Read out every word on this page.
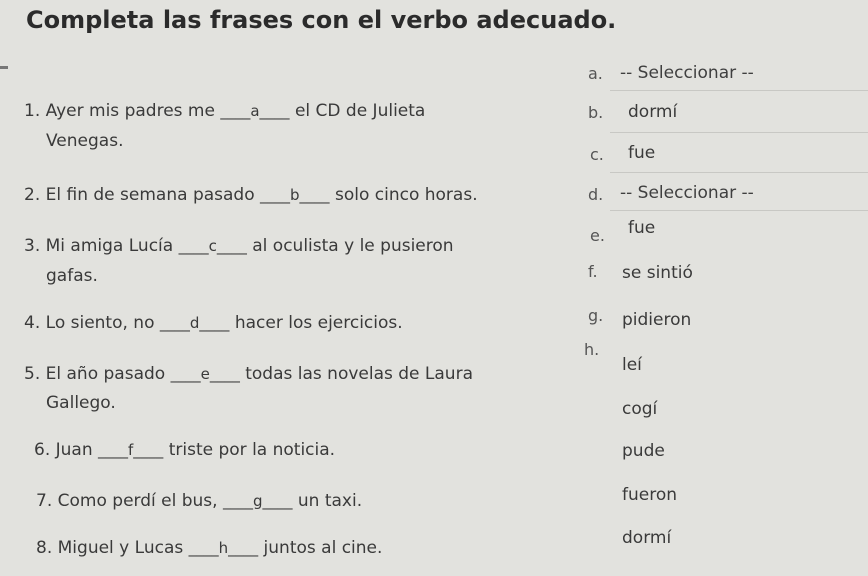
Completa las frases con el verbo adecuado.
1. Ayer mis padres me ____a____ el CD de Julieta
Venegas.
2. El fin de semana pasado ____b____ solo cinco horas.
3. Mi amiga Lucía ____c____ al oculista y le pusieron
gafas.
4. Lo siento, no ____d____ hacer los ejercicios.
5. El año pasado ____e____ todas las novelas de Laura
Gallego.
6. Juan ____f____ triste por la noticia.
7. Como perdí el bus, ____g____ un taxi.
8. Miguel y Lucas ____h____ juntos al cine.
a. -- Seleccionar --
b. dormí
c. fue
d. -- Seleccionar --
e. fue
f. se sintió
g. pidieron
h.
leí
cogí
pude
fueron
dormí
